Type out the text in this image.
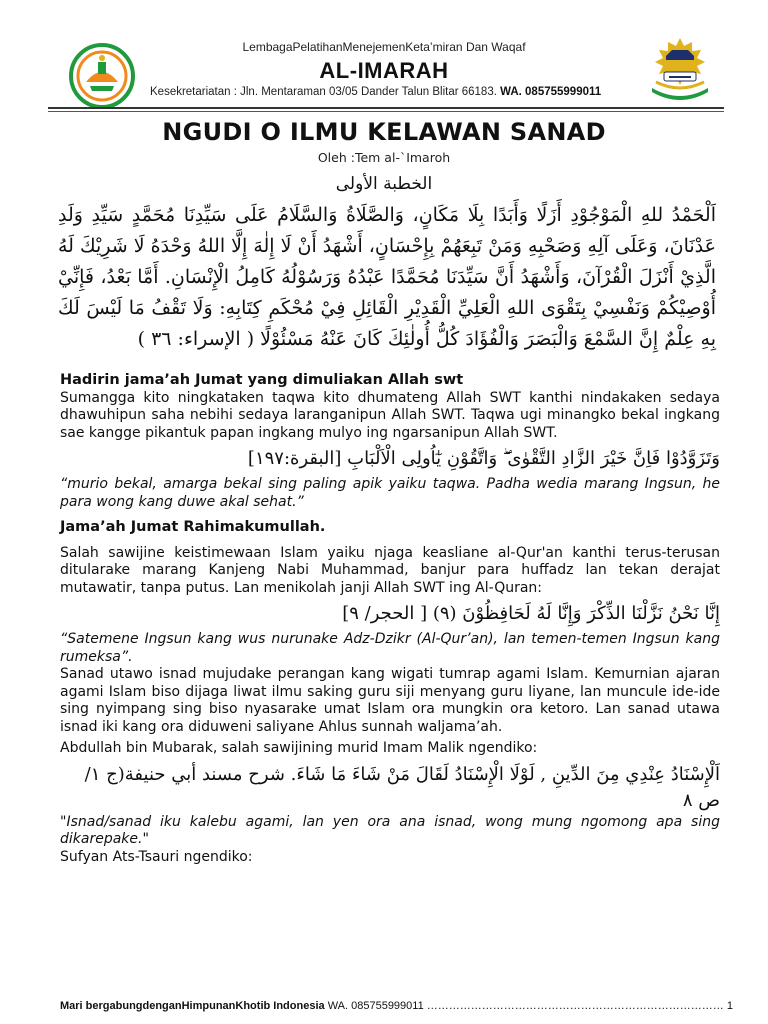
LembagaPelatihanMenejemenKeta’miran Dan Waqaf
AL-IMARAH
Kesekretariatan : Jln. Mentaraman 03/05 Dander Talun Blitar 66183. WA. 085755999011
NGUDI O ILMU KELAWAN SANAD
Oleh :Tem al-`Imaroh
الخطبة الأولى
اَلْحَمْدُ للهِ الْمَوْجُوْدِ أَزَلًا وَأَبَدًا بِلَا مَكَانٍ، وَالصَّلَاةُ وَالسَّلَامُ عَلَى سَيِّدِنَا مُحَمَّدٍ سَيِّدِ وَلَدِ عَدْنَانَ، وَعَلَى آلِهِ وَصَحْبِهِ وَمَنْ تَبِعَهُمْ بِإِحْسَانٍ، أَشْهَدُ أَنْ لَا إِلٰهَ إِلَّا اللهُ وَحْدَهُ لَا شَرِيْكَ لَهُ الَّذِيْ أَنْزَلَ الْقُرْآنَ، وَأَشْهَدُ أَنَّ سَيِّدَنَا مُحَمَّدًا عَبْدُهُ وَرَسُوْلُهُ كَامِلُ الْإِنْسَانِ. أَمَّا بَعْدُ، فَإِنِّيْ أُوْصِيْكُمْ وَنَفْسِيْ بِتَقْوَى اللهِ الْعَلِيِّ الْقَدِيْرِ الْقَائِلِ فِيْ مُحْكَمِ كِتَابِهِ: وَلَا تَقْفُ مَا لَيْسَ لَكَ بِهِ عِلْمٌ إِنَّ السَّمْعَ وَالْبَصَرَ وَالْفُؤَادَ كُلُّ أُولٰئِكَ كَانَ عَنْهُ مَسْئُوْلًا ( الإسراء: ٣٦ )

Hadirin jama’ah Jumat yang dimuliakan Allah swt

Sumangga kito ningkataken taqwa kito dhumateng Allah SWT kanthi nindakaken sedaya dhawuhipun saha nebihi sedaya laranganipun Allah SWT. Taqwa ugi minangko bekal ingkang sae kangge pikantuk papan ingkang mulyo ing ngarsanipun Allah SWT.

وَتَزَوَّدُوْا فَاِنَّ خَيْرَ الزَّادِ التَّقْوٰى ۖ وَاتَّقُوْنِ يٰٓاُولِى الْاَلْبَابِ [البقرة:١٩٧]

“murio bekal, amarga bekal sing paling apik yaiku taqwa. Padha wedia marang Ingsun, he para wong kang duwe akal sehat.”

Jama’ah Jumat Rahimakumullah.

Salah sawijine keistimewaan Islam yaiku njaga keasliane al-Qur'an kanthi terus-terusan ditularake marang Kanjeng Nabi Muhammad, banjur para huffadz lan tekan derajat mutawatir, tanpa putus. Lan menikolah janji Allah SWT ing Al-Quran:

إِنَّا نَحْنُ نَزَّلْنَا الذِّكْرَ وَإِنَّا لَهُ لَحَافِظُوْنَ (٩) [ الحجر/ ٩]

“Satemene Ingsun kang wus nurunake Adz-Dzikr (Al-Qur’an), lan temen-temen Ingsun kang rumeksa”.

Sanad utawo isnad mujudake perangan kang wigati tumrap agami Islam. Kemurnian ajaran agami Islam biso dijaga liwat ilmu saking guru siji menyang guru liyane, lan muncule ide-ide sing nyimpang sing biso nyasarake umat Islam ora mungkin ora ketoro. Lan sanad utawa isnad iki kang ora diduweni saliyane Ahlus sunnah waljama’ah.

Abdullah bin Mubarak, salah sawijining murid Imam Malik ngendiko:

اَلْإِسْنَادُ عِنْدِي مِنَ الدِّينِ , لَوْلَا الْإِسْنَادُ لَقَالَ مَنْ شَاءَ مَا شَاءَ. شرح مسند أبي حنيفة(ج ١/ ص ٨

"Isnad/sanad iku kalebu agami, lan yen ora ana isnad, wong mung ngomong apa sing dikarepake."

Sufyan Ats-Tsauri ngendiko:

Mari bergabungdenganHimpunanKhotib Indonesia WA. 085755999011 ……………………………………………………………………… 1
